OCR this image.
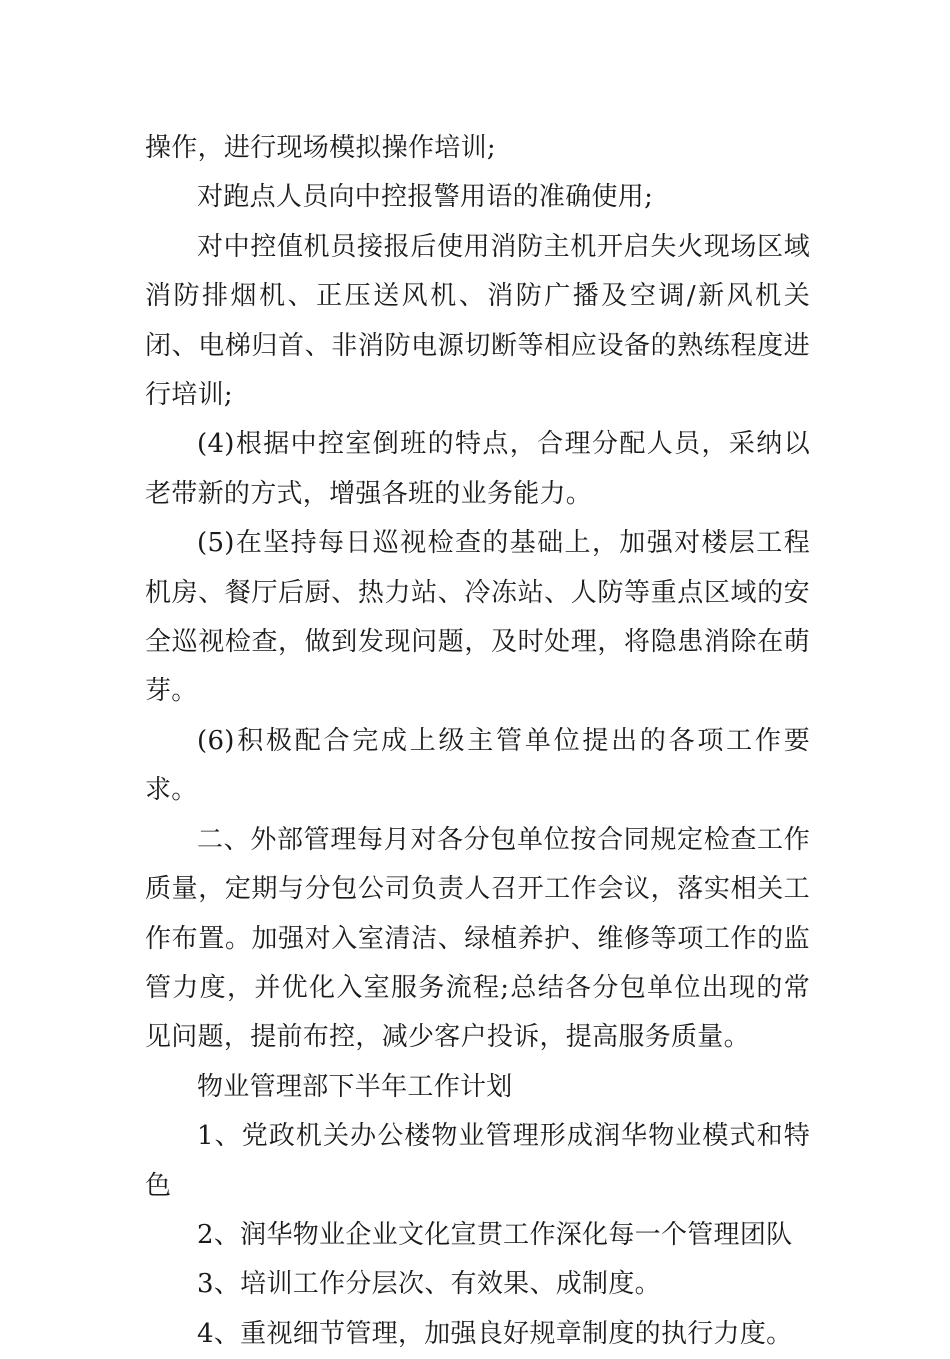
操作，进行现场模拟操作培训;

对跑点人员向中控报警用语的准确使用;

对中控值机员接报后使用消防主机开启失火现场区域消防排烟机、正压送风机、消防广播及空调/新风机关闭、电梯归首、非消防电源切断等相应设备的熟练程度进行培训;

(4)根据中控室倒班的特点，合理分配人员，采纳以老带新的方式，增强各班的业务能力。

(5)在坚持每日巡视检查的基础上，加强对楼层工程机房、餐厅后厨、热力站、冷冻站、人防等重点区域的安全巡视检查，做到发现问题，及时处理，将隐患消除在萌芽。

(6)积极配合完成上级主管单位提出的各项工作要求。

二、外部管理每月对各分包单位按合同规定检查工作质量，定期与分包公司负责人召开工作会议，落实相关工作布置。加强对入室清洁、绿植养护、维修等项工作的监管力度，并优化入室服务流程;总结各分包单位出现的常见问题，提前布控，减少客户投诉，提高服务质量。

物业管理部下半年工作计划

1、党政机关办公楼物业管理形成润华物业模式和特色

2、润华物业企业文化宣贯工作深化每一个管理团队

3、培训工作分层次、有效果、成制度。

4、重视细节管理，加强良好规章制度的执行力度。
